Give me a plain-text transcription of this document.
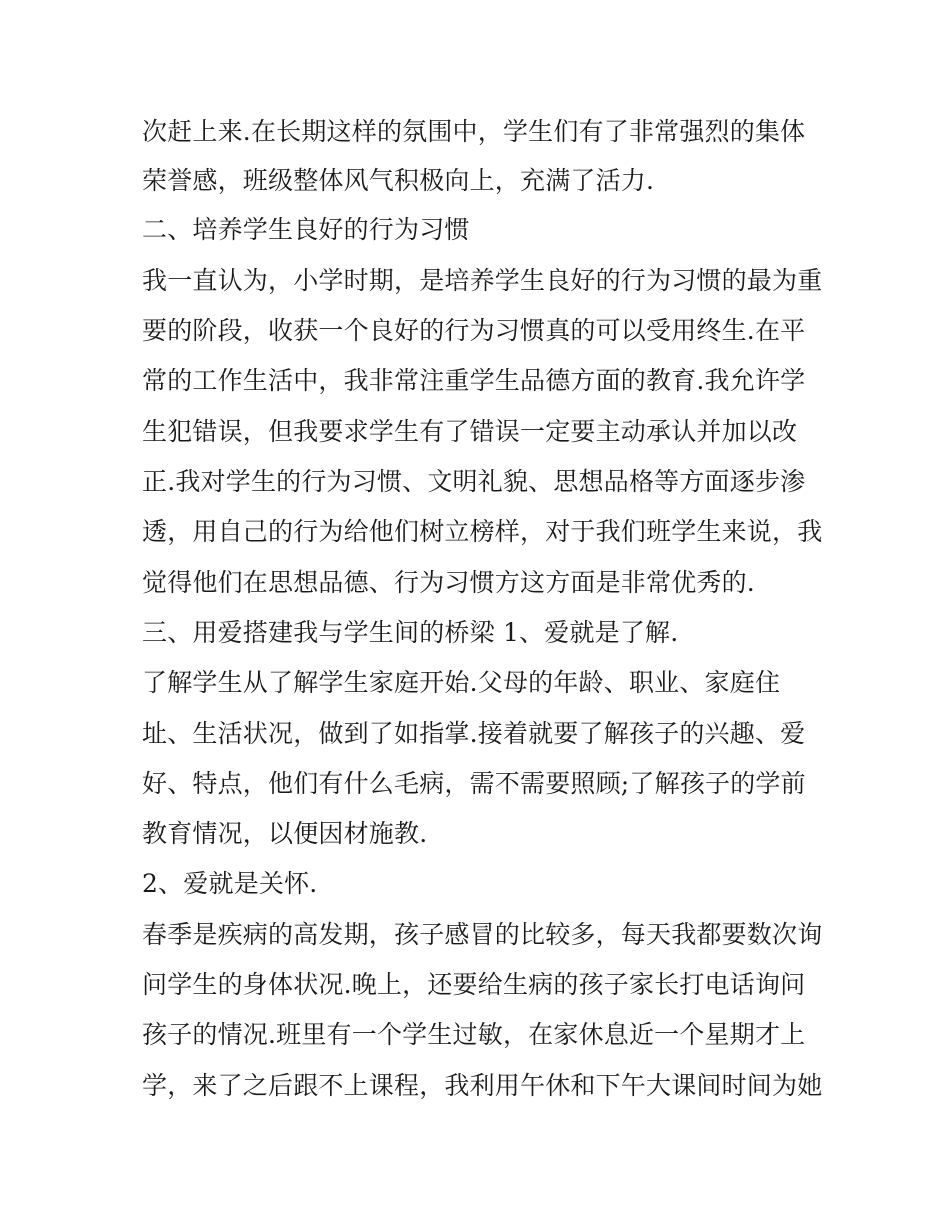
次赶上来.在长期这样的氛围中，学生们有了非常强烈的集体
荣誉感，班级整体风气积极向上，充满了活力.
二、培养学生良好的行为习惯
我一直认为，小学时期，是培养学生良好的行为习惯的最为重
要的阶段，收获一个良好的行为习惯真的可以受用终生.在平
常的工作生活中，我非常注重学生品德方面的教育.我允许学
生犯错误，但我要求学生有了错误一定要主动承认并加以改
正.我对学生的行为习惯、文明礼貌、思想品格等方面逐步渗
透，用自己的行为给他们树立榜样，对于我们班学生来说，我
觉得他们在思想品德、行为习惯方这方面是非常优秀的.
三、用爱搭建我与学生间的桥梁 1、爱就是了解.
了解学生从了解学生家庭开始.父母的年龄、职业、家庭住
址、生活状况，做到了如指掌.接着就要了解孩子的兴趣、爱
好、特点，他们有什么毛病，需不需要照顾;了解孩子的学前
教育情况，以便因材施教.
2、爱就是关怀.
春季是疾病的高发期，孩子感冒的比较多，每天我都要数次询
问学生的身体状况.晚上，还要给生病的孩子家长打电话询问
孩子的情况.班里有一个学生过敏，在家休息近一个星期才上
学，来了之后跟不上课程，我利用午休和下午大课间时间为她
